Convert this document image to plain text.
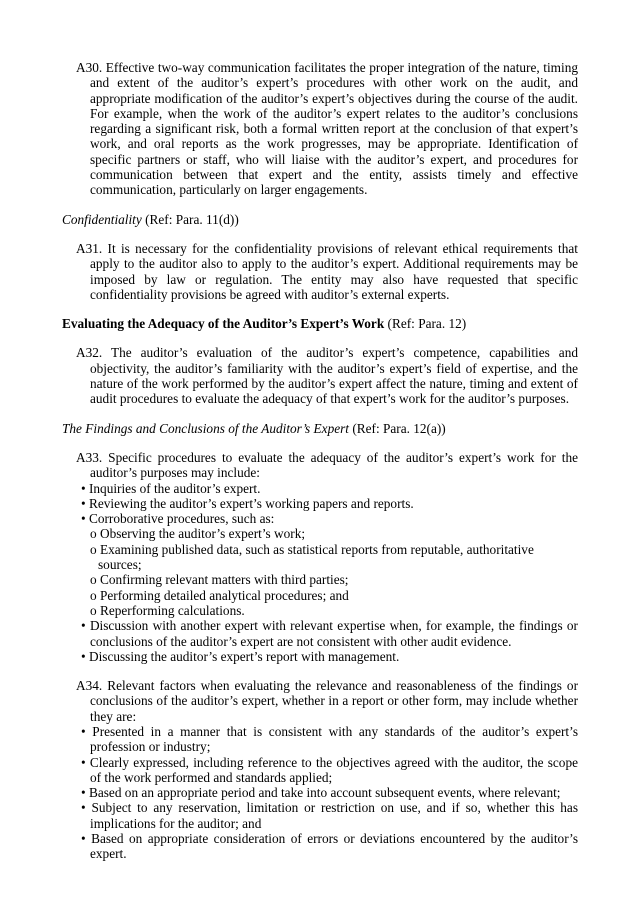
A30. Effective two-way communication facilitates the proper integration of the nature, timing and extent of the auditor’s expert’s procedures with other work on the audit, and appropriate modification of the auditor’s expert’s objectives during the course of the audit. For example, when the work of the auditor’s expert relates to the auditor’s conclusions regarding a significant risk, both a formal written report at the conclusion of that expert’s work, and oral reports as the work progresses, may be appropriate. Identification of specific partners or staff, who will liaise with the auditor’s expert, and procedures for communication between that expert and the entity, assists timely and effective communication, particularly on larger engagements.

Confidentiality (Ref: Para. 11(d))

A31. It is necessary for the confidentiality provisions of relevant ethical requirements that apply to the auditor also to apply to the auditor’s expert. Additional requirements may be imposed by law or regulation. The entity may also have requested that specific confidentiality provisions be agreed with auditor’s external experts.

Evaluating the Adequacy of the Auditor’s Expert’s Work (Ref: Para. 12)

A32. The auditor’s evaluation of the auditor’s expert’s competence, capabilities and objectivity, the auditor’s familiarity with the auditor’s expert’s field of expertise, and the nature of the work performed by the auditor’s expert affect the nature, timing and extent of audit procedures to evaluate the adequacy of that expert’s work for the auditor’s purposes.

The Findings and Conclusions of the Auditor’s Expert (Ref: Para. 12(a))

A33. Specific procedures to evaluate the adequacy of the auditor’s expert’s work for the auditor’s purposes may include:

• Inquiries of the auditor’s expert.

• Reviewing the auditor’s expert’s working papers and reports.

• Corroborative procedures, such as:

o Observing the auditor’s expert’s work;

o Examining published data, such as statistical reports from reputable, authoritative sources;

o Confirming relevant matters with third parties;

o Performing detailed analytical procedures; and

o Reperforming calculations.

• Discussion with another expert with relevant expertise when, for example, the findings or conclusions of the auditor’s expert are not consistent with other audit evidence.

• Discussing the auditor’s expert’s report with management.

A34. Relevant factors when evaluating the relevance and reasonableness of the findings or conclusions of the auditor’s expert, whether in a report or other form, may include whether they are:

• Presented in a manner that is consistent with any standards of the auditor’s expert’s profession or industry;

• Clearly expressed, including reference to the objectives agreed with the auditor, the scope of the work performed and standards applied;

• Based on an appropriate period and take into account subsequent events, where relevant;

• Subject to any reservation, limitation or restriction on use, and if so, whether this has implications for the auditor; and

• Based on appropriate consideration of errors or deviations encountered by the auditor’s expert.
